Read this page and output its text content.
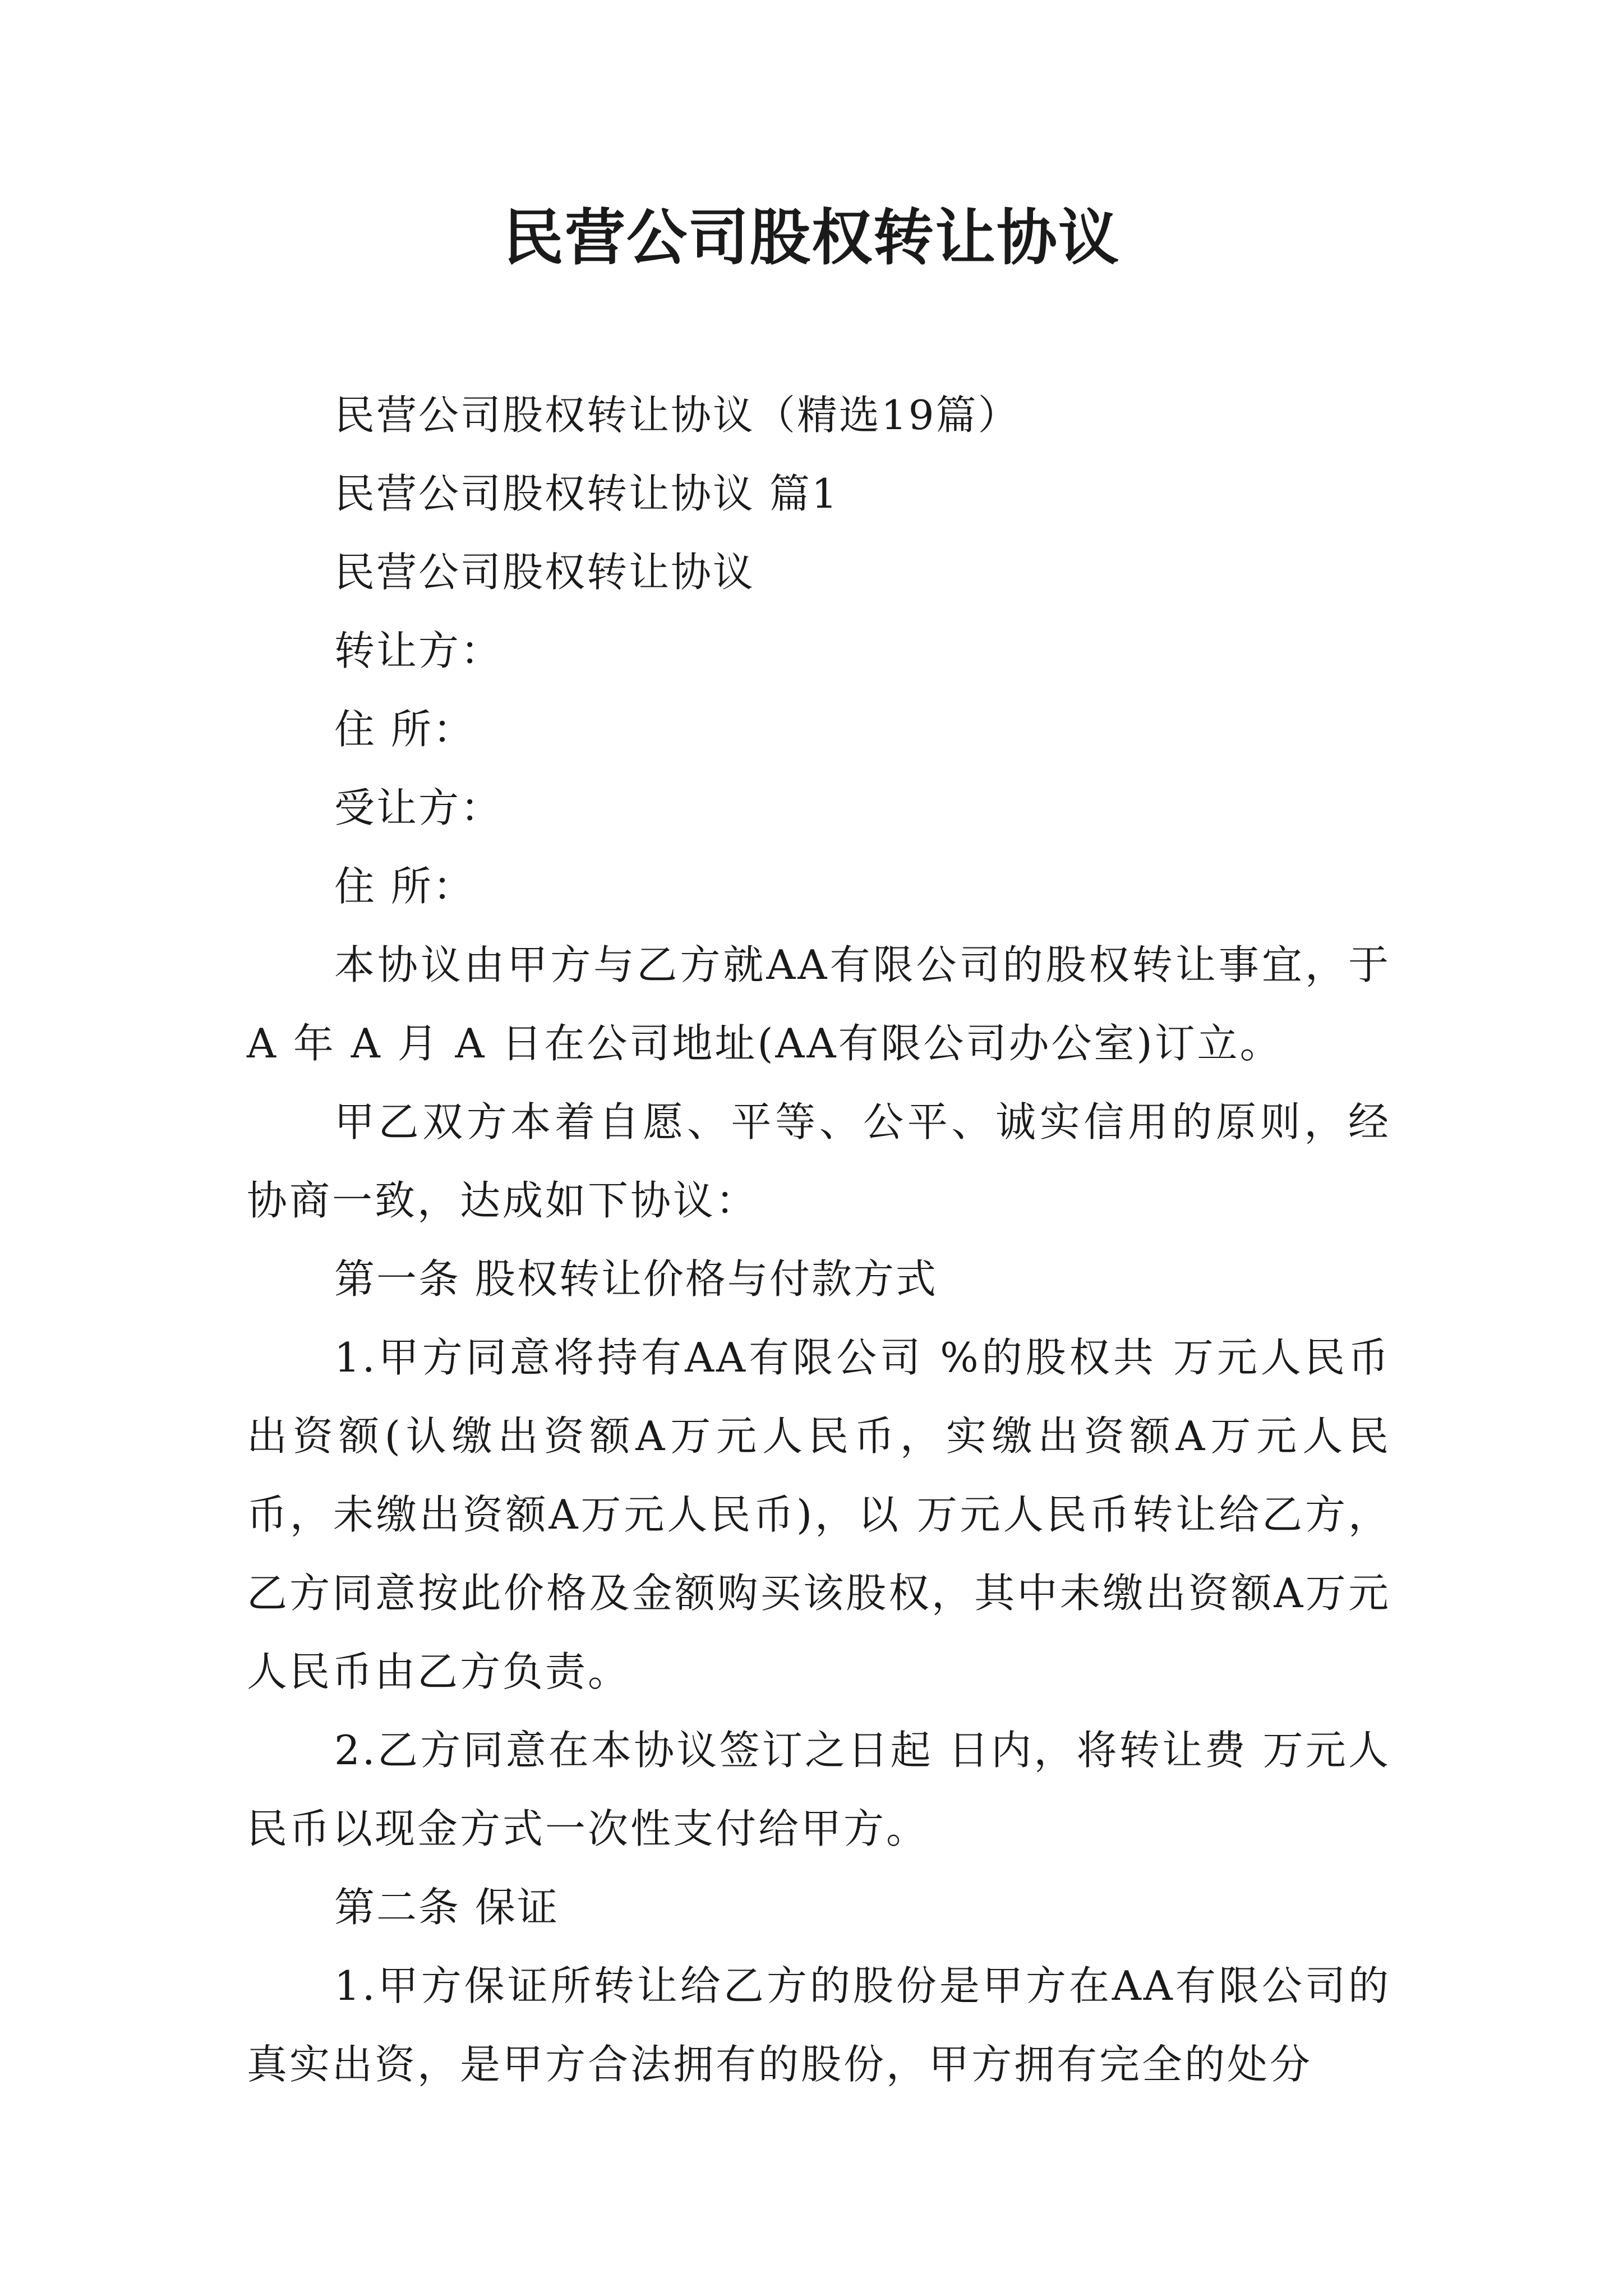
民营公司股权转让协议

民营公司股权转让协议（精选19篇）

民营公司股权转让协议 篇1

民营公司股权转让协议

转让方：

住 所：

受让方：

住 所：

本协议由甲方与乙方就AA有限公司的股权转让事宜，于 A 年 A 月 A 日在公司地址(AA有限公司办公室)订立。

甲乙双方本着自愿、平等、公平、诚实信用的原则，经协商一致，达成如下协议：

第一条 股权转让价格与付款方式

1.甲方同意将持有AA有限公司 %的股权共 万元人民币出资额(认缴出资额A万元人民币，实缴出资额A万元人民币，未缴出资额A万元人民币)，以 万元人民币转让给乙方，乙方同意按此价格及金额购买该股权，其中未缴出资额A万元人民币由乙方负责。

2.乙方同意在本协议签订之日起 日内，将转让费 万元人民币以现金方式一次性支付给甲方。

第二条 保证

1.甲方保证所转让给乙方的股份是甲方在AA有限公司的真实出资，是甲方合法拥有的股份，甲方拥有完全的处分
